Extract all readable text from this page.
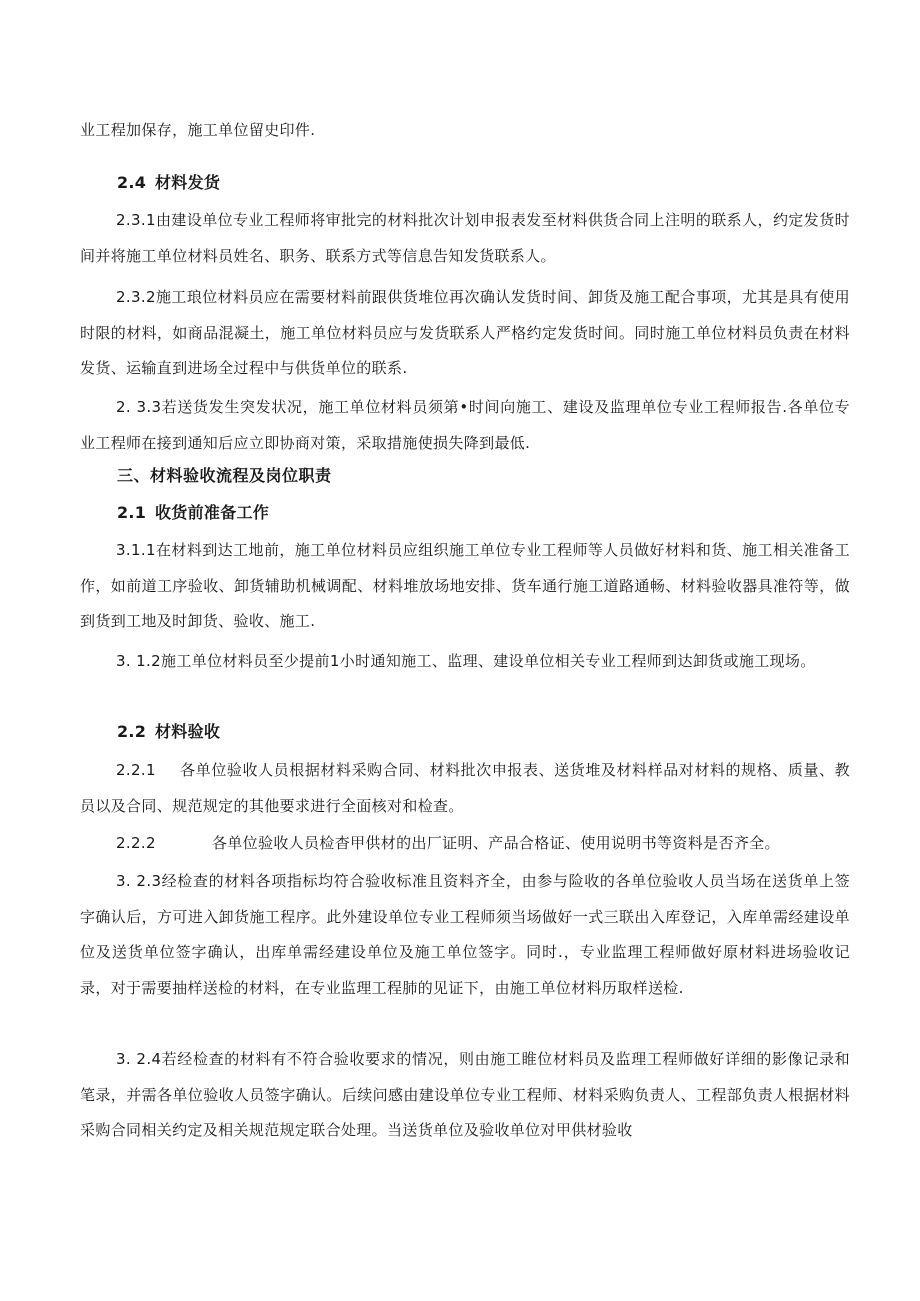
业工程加保存，施工单位留史印件.

2.4 材料发货

2.3.1由建设单位专业工程师将审批完的材料批次计划申报表发至材料供货合同上注明的联系人，约定发货时间并将施工单位材料员姓名、职务、联系方式等信息告知发货联系人。

2.3.2施工琅位材料员应在需要材料前跟供货堆位再次确认发货时间、卸货及施工配合事项，尤其是具有使用时限的材料，如商品混凝土，施工单位材料员应与发货联系人严格约定发货时间。同时施工单位材料员负责在材料发货、运输直到进场全过程中与供货单位的联系.

2. 3.3若送货发生突发状况，施工单位材料员须第•时间向施工、建设及监理单位专业工程师报告.各单位专业工程师在接到通知后应立即协商对策，采取措施使损失降到最低.

三、材料验收流程及岗位职责
2.1 收货前准备工作

3.1.1在材料到达工地前，施工单位材料员应组织施工单位专业工程师等人员做好材料和货、施工相关准备工作，如前道工序验收、卸货辅助机械调配、材料堆放场地安排、货车通行施工道路通畅、材料验收器具准符等，做到货到工地及时卸货、验收、施工.

3. 1.2施工单位材料员至少提前1小时通知施工、监理、建设单位相关专业工程师到达卸货或施工现场。

2.2 材料验收

2.2.1 各单位验收人员根据材料采购合同、材料批次申报表、送货堆及材料样品对材料的规格、质量、教员以及合同、规范规定的其他要求进行全面核对和检查。

2.2.2	各单位验收人员检杳甲供材的出厂证明、产品合格证、使用说明书等资料是否齐全。

3. 2.3经检查的材料各项指标均符合验收标准且资料齐全，由参与险收的各单位验收人员当场在送货单上签字确认后，方可进入卸货施工程序。此外建设单位专业工程师须当场做好一式三联出入库登记，入库单需经建设单位及送货单位签字确认，出库单需经建设单位及施工单位签字。同时.，专业监理工程师做好原材料进场验收记录，对于需要抽样送检的材料，在专业监理工程肺的见证下，由施工单位材料历取样送检.

3. 2.4若经检查的材料有不符合验收要求的情况，则由施工睢位材料员及监理工程师做好详细的影像记录和笔录，并需各单位验收人员签字确认。后续问感由建设单位专业工程师、材料采购负责人、工程部负责人根据材料采购合同相关约定及相关规范规定联合处理。当送货单位及验收单位对甲供材验收
